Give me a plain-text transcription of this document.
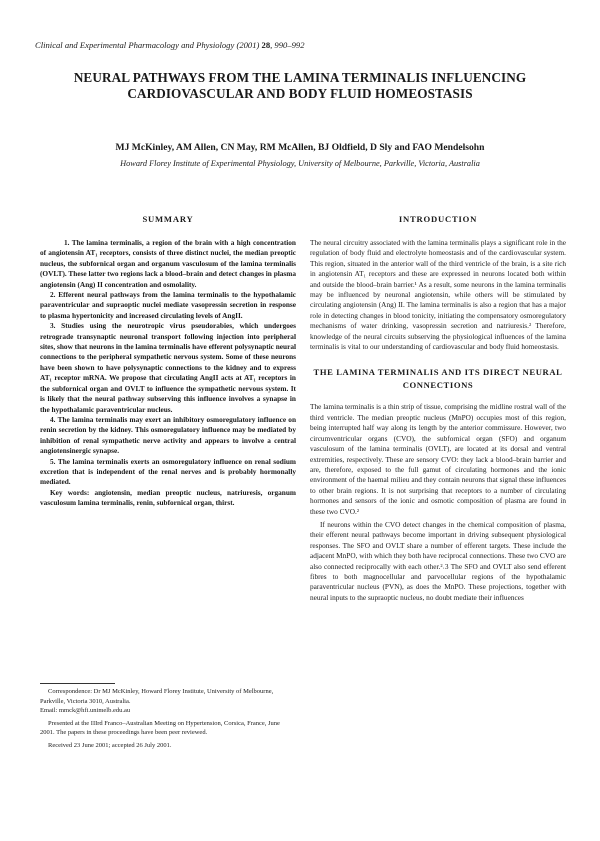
Clinical and Experimental Pharmacology and Physiology (2001) 28, 990–992
NEURAL PATHWAYS FROM THE LAMINA TERMINALIS INFLUENCING CARDIOVASCULAR AND BODY FLUID HOMEOSTASIS
MJ McKinley, AM Allen, CN May, RM McAllen, BJ Oldfield, D Sly and FAO Mendelsohn
Howard Florey Institute of Experimental Physiology, University of Melbourne, Parkville, Victoria, Australia
SUMMARY

1. The lamina terminalis, a region of the brain with a high concentration of angiotensin AT₁ receptors, consists of three distinct nuclei, the median preoptic nucleus, the subfornical organ and organum vasculosum of the lamina terminalis (OVLT). These latter two regions lack a blood–brain and detect changes in plasma angiotensin (Ang) II concentration and osmolality.

2. Efferent neural pathways from the lamina terminalis to the hypothalamic paraventricular and supraoptic nuclei mediate vasopressin secretion in response to plasma hypertonicity and increased circulating levels of AngII.

3. Studies using the neurotropic virus pseudorabies, which undergoes retrograde transynaptic neuronal transport following injection into peripheral sites, show that neurons in the lamina terminalis have efferent polysynaptic neural connections to the peripheral sympathetic nervous system. Some of these neurons have been shown to have polysynaptic connections to the kidney and to express AT₁ receptor mRNA. We propose that circulating AngII acts at AT₁ receptors in the subfornical organ and OVLT to influence the sympathetic nervous system. It is likely that the neural pathway subserving this influence involves a synapse in the hypothalamic paraventricular nucleus.

4. The lamina terminalis may exert an inhibitory osmoregulatory influence on renin secretion by the kidney. This osmoregulatory influence may be mediated by inhibition of renal sympathetic nerve activity and appears to involve a central angiotensinergic synapse.

5. The lamina terminalis exerts an osmoregulatory influence on renal sodium excretion that is independent of the renal nerves and is probably hormonally mediated.

Key words: angiotensin, median preoptic nucleus, natriuresis, organum vasculosum lamina terminalis, renin, subfornical organ, thirst.

Correspondence: Dr MJ McKinley, Howard Florey Institute, University of Melbourne, Parkville, Victoria 3010, Australia.

Email: mmck@hfi.unimelb.edu.au

Presented at the IIIrd Franco–Australian Meeting on Hypertension, Corsica, France, June 2001. The papers in these proceedings have been peer reviewed.

Received 23 June 2001; accepted 26 July 2001.

INTRODUCTION

The neural circuitry associated with the lamina terminalis plays a significant role in the regulation of body fluid and electrolyte homeostasis and of the cardiovascular system. This region, situated in the anterior wall of the third ventricle of the brain, is a site rich in angiotensin AT₁ receptors and these are expressed in neurons located both within and outside the blood–brain barrier.¹ As a result, some neurons in the lamina terminalis may be influenced by neuronal angiotensin, while others will be stimulated by circulating angiotensin (Ang) II. The lamina terminalis is also a region that has a major role in detecting changes in blood tonicity, initiating the compensatory osmoregulatory mechanisms of water drinking, vasopressin secretion and natriuresis.² Therefore, knowledge of the neural circuits subserving the physiological influences of the lamina terminalis is vital to our understanding of cardiovascular and body fluid homeostasis.

THE LAMINA TERMINALIS AND ITS DIRECT NEURAL CONNECTIONS

The lamina terminalis is a thin strip of tissue, comprising the midline rostral wall of the third ventricle. The median preoptic nucleus (MnPO) occupies most of this region, being interrupted half way along its length by the anterior commissure. However, two circumventricular organs (CVO), the subfornical organ (SFO) and organum vasculosum of the lamina terminalis (OVLT), are located at its dorsal and ventral extremities, respectively. These are sensory CVO: they lack a blood–brain barrier and are, therefore, exposed to the full gamut of circulating hormones and the ionic environment of the haemal milieu and they contain neurons that signal these influences to other brain regions. It is not surprising that receptors to a number of circulating hormones and sensors of the ionic and osmotic composition of plasma are found in these two CVO.²

If neurons within the CVO detect changes in the chemical composition of plasma, their efferent neural pathways become important in driving subsequent physiological responses. The SFO and OVLT share a number of efferent targets. These include the adjacent MnPO, with which they both have reciprocal connections. These two CVO are also connected reciprocally with each other.²˒3 The SFO and OVLT also send efferent fibres to both magnocellular and parvocellular regions of the hypothalamic paraventricular nucleus (PVN), as does the MnPO. These projections, together with neural inputs to the supraoptic nucleus, no doubt mediate their influences
